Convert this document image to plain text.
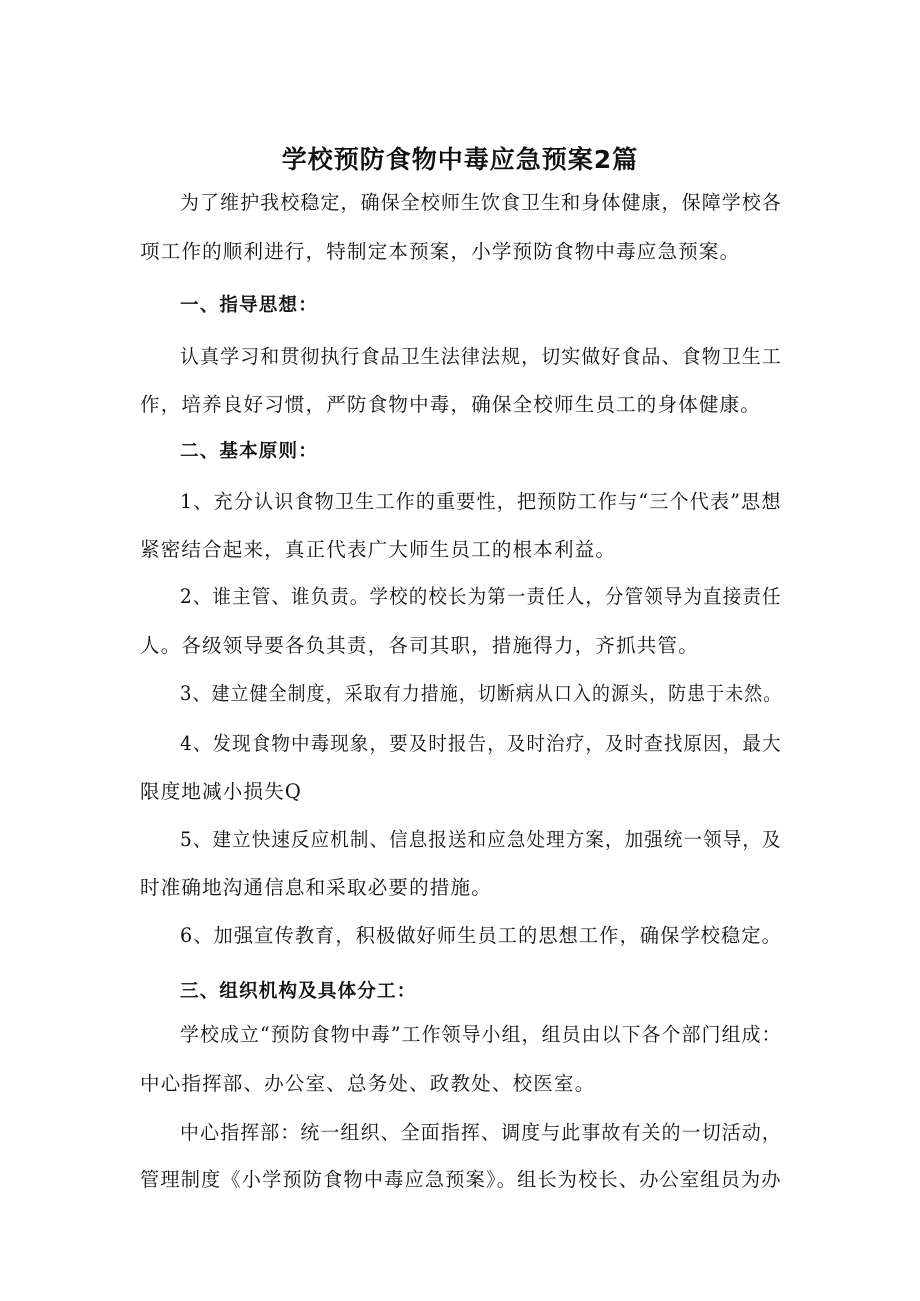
学校预防食物中毒应急预案2篇
为了维护我校稳定，确保全校师生饮食卫生和身体健康，保障学校各
项工作的顺利进行，特制定本预案，小学预防食物中毒应急预案。
一、指导思想：
认真学习和贯彻执行食品卫生法律法规，切实做好食品、食物卫生工
作，培养良好习惯，严防食物中毒，确保全校师生员工的身体健康。
二、基本原则：
1、充分认识食物卫生工作的重要性，把预防工作与“三个代表”思想
紧密结合起来，真正代表广大师生员工的根本利益。
2、谁主管、谁负责。学校的校长为第一责任人，分管领导为直接责任
人。各级领导要各负其责，各司其职，措施得力，齐抓共管。
3、建立健全制度，采取有力措施，切断病从口入的源头，防患于未然。
4、发现食物中毒现象，要及时报告，及时治疗，及时查找原因，最大
限度地减小损失Q
5、建立快速反应机制、信息报送和应急处理方案，加强统一领导，及
时准确地沟通信息和采取必要的措施。
6、加强宣传教育，积极做好师生员工的思想工作，确保学校稳定。
三、组织机构及具体分工：
学校成立“预防食物中毒”工作领导小组，组员由以下各个部门组成：
中心指挥部、办公室、总务处、政教处、校医室。
中心指挥部：统一组织、全面指挥、调度与此事故有关的一切活动，
管理制度《小学预防食物中毒应急预案》。组长为校长、办公室组员为办
